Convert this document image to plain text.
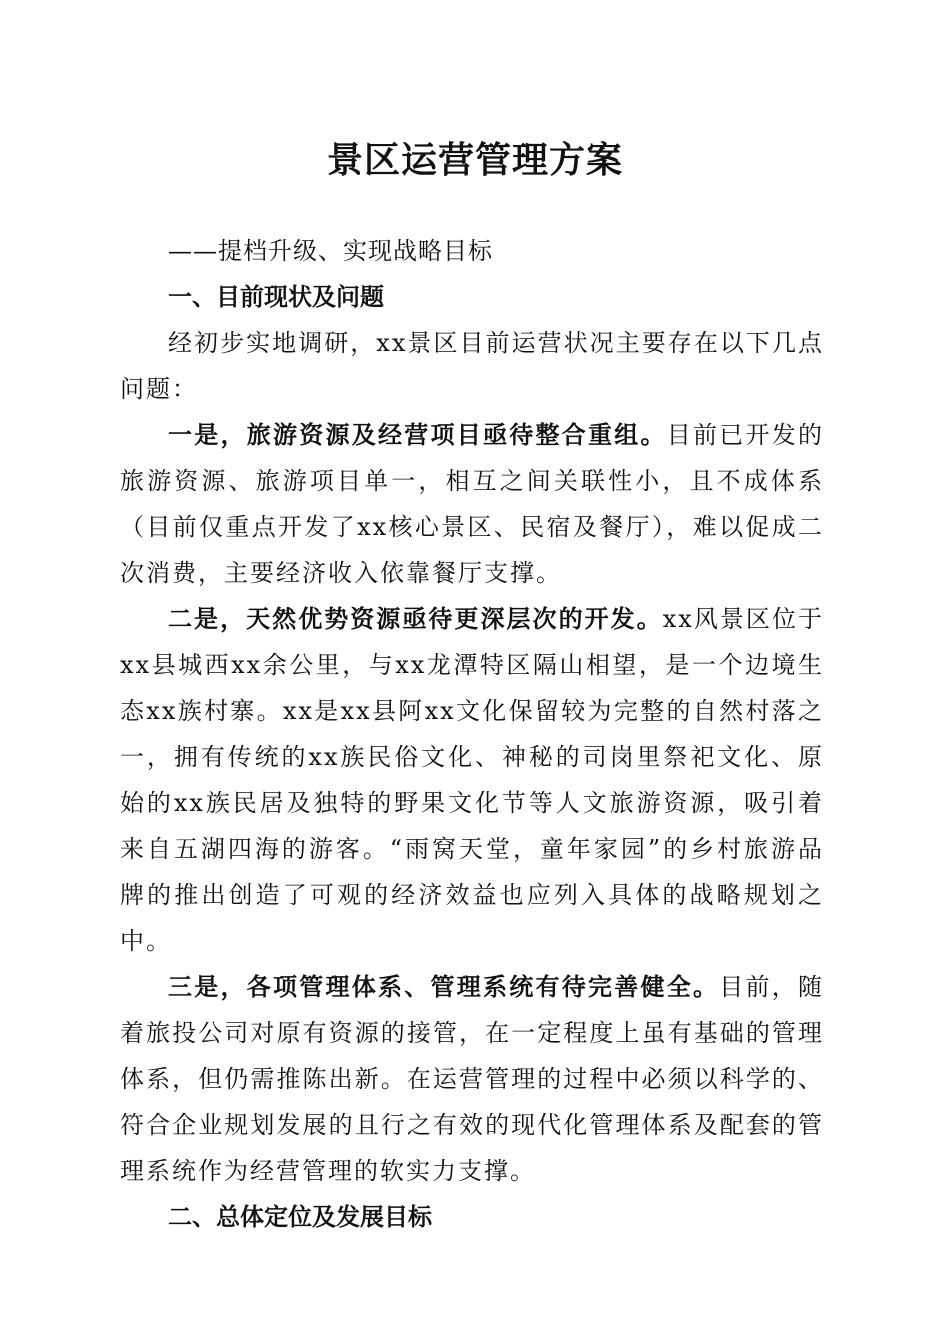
景区运营管理方案

——提档升级、实现战略目标

一、目前现状及问题

经初步实地调研，xx景区目前运营状况主要存在以下几点问题：

一是，旅游资源及经营项目亟待整合重组。目前已开发的旅游资源、旅游项目单一，相互之间关联性小，且不成体系（目前仅重点开发了xx核心景区、民宿及餐厅），难以促成二次消费，主要经济收入依靠餐厅支撑。

二是，天然优势资源亟待更深层次的开发。xx风景区位于xx县城西xx余公里，与xx龙潭特区隔山相望，是一个边境生态xx族村寨。xx是xx县阿xx文化保留较为完整的自然村落之一，拥有传统的xx族民俗文化、神秘的司岗里祭祀文化、原始的xx族民居及独特的野果文化节等人文旅游资源，吸引着来自五湖四海的游客。“雨窝天堂，童年家园”的乡村旅游品牌的推出创造了可观的经济效益也应列入具体的战略规划之中。

三是，各项管理体系、管理系统有待完善健全。目前，随着旅投公司对原有资源的接管，在一定程度上虽有基础的管理体系，但仍需推陈出新。在运营管理的过程中必须以科学的、符合企业规划发展的且行之有效的现代化管理体系及配套的管理系统作为经营管理的软实力支撑。

二、总体定位及发展目标
